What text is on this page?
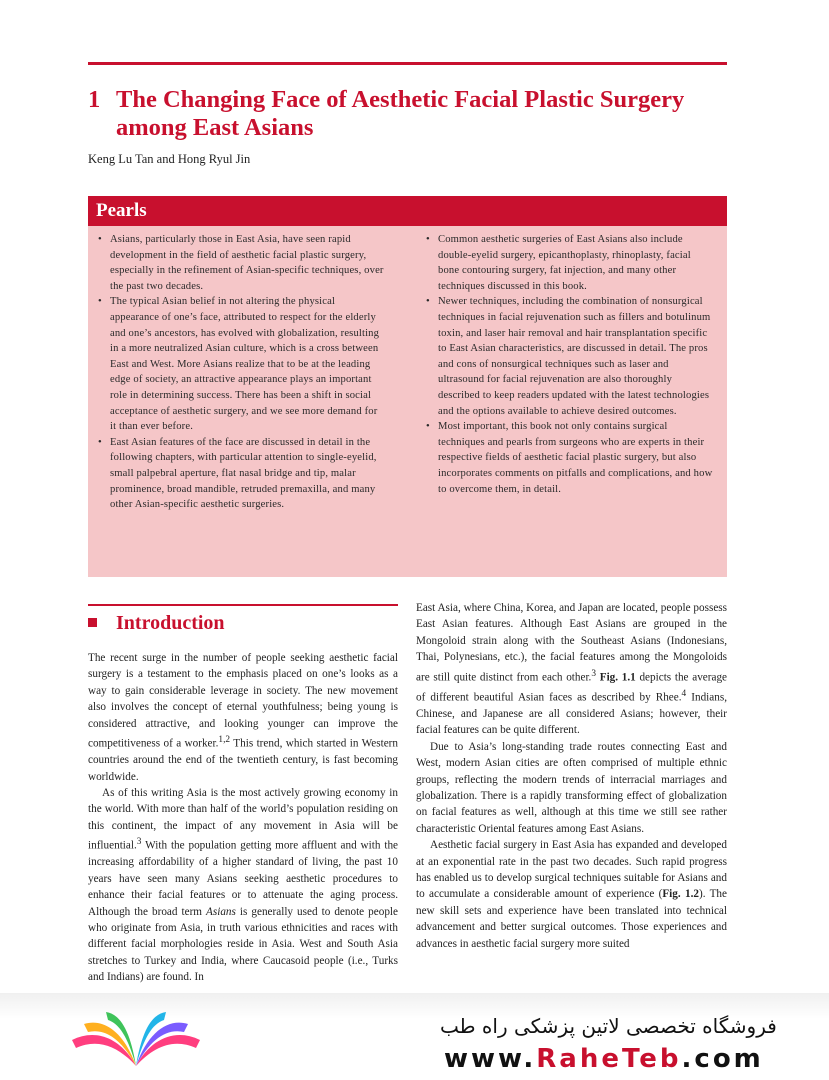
1 The Changing Face of Aesthetic Facial Plastic Surgery among East Asians
Keng Lu Tan and Hong Ryul Jin
Pearls
• Asians, particularly those in East Asia, have seen rapid development in the field of aesthetic facial plastic surgery, especially in the refinement of Asian-specific techniques, over the past two decades.
• The typical Asian belief in not altering the physical appearance of one’s face, attributed to respect for the elderly and one’s ancestors, has evolved with globalization, resulting in a more neutralized Asian culture, which is a cross between East and West. More Asians realize that to be at the leading edge of society, an attractive appearance plays an important role in determining success. There has been a shift in social acceptance of aesthetic surgery, and we see more demand for it than ever before.
• East Asian features of the face are discussed in detail in the following chapters, with particular attention to single-eyelid, small palpebral aperture, flat nasal bridge and tip, malar prominence, broad mandible, retruded premaxilla, and many other Asian-specific aesthetic surgeries.
• Common aesthetic surgeries of East Asians also include double-eyelid surgery, epicanthoplasty, rhinoplasty, facial bone contouring surgery, fat injection, and many other techniques discussed in this book.
• Newer techniques, including the combination of nonsurgical techniques in facial rejuvenation such as fillers and botulinum toxin, and laser hair removal and hair transplantation specific to East Asian characteristics, are discussed in detail. The pros and cons of nonsurgical techniques such as laser and ultrasound for facial rejuvenation are also thoroughly described to keep readers updated with the latest technologies and the options available to achieve desired outcomes.
• Most important, this book not only contains surgical techniques and pearls from surgeons who are experts in their respective fields of aesthetic facial plastic surgery, but also incorporates comments on pitfalls and complications, and how to overcome them, in detail.
Introduction

The recent surge in the number of people seeking aesthetic facial surgery is a testament to the emphasis placed on one’s looks as a way to gain considerable leverage in society. The new movement also involves the concept of eternal youthfulness; being young is considered attractive, and looking younger can improve the competitiveness of a worker.$^{1,2}$ This trend, which started in Western countries around the end of the twentieth century, is fast becoming worldwide.

As of this writing Asia is the most actively growing economy in the world. With more than half of the world’s population residing on this continent, the impact of any movement in Asia will be influential.$^3$ With the population getting more affluent and with the increasing affordability of a higher standard of living, the past 10 years have seen many Asians seeking aesthetic procedures to enhance their facial features or to attenuate the aging process. Although the broad term Asians is generally used to denote people who originate from Asia, in truth various ethnicities and races with different facial morphologies reside in Asia. West and South Asia stretches to Turkey and India, where Caucasoid people (i.e., Turks and Indians) are found. In

East Asia, where China, Korea, and Japan are located, people possess East Asian features. Although East Asians are grouped in the Mongoloid strain along with the Southeast Asians (Indonesians, Thai, Polynesians, etc.), the facial features among the Mongoloids are still quite distinct from each other.$^3$ Fig. 1.1 depicts the average of different beautiful Asian faces as described by Rhee.$^4$ Indians, Chinese, and Japanese are all considered Asians; however, their facial features can be quite different.

Due to Asia’s long-standing trade routes connecting East and West, modern Asian cities are often comprised of multiple ethnic groups, reflecting the modern trends of interracial marriages and globalization. There is a rapidly transforming effect of globalization on facial features as well, although at this time we still see rather characteristic Oriental features among East Asians.

Aesthetic facial surgery in East Asia has expanded and developed at an exponential rate in the past two decades. Such rapid progress has enabled us to develop surgical techniques suitable for Asians and to accumulate a considerable amount of experience (Fig. 1.2). The new skill sets and experience have been translated into technical advancement and better surgical outcomes. Those experiences and advances in aesthetic facial surgery more suited

فروشگاه تخصصی لاتین پزشکی راه طب
www.RaheTeb.com
